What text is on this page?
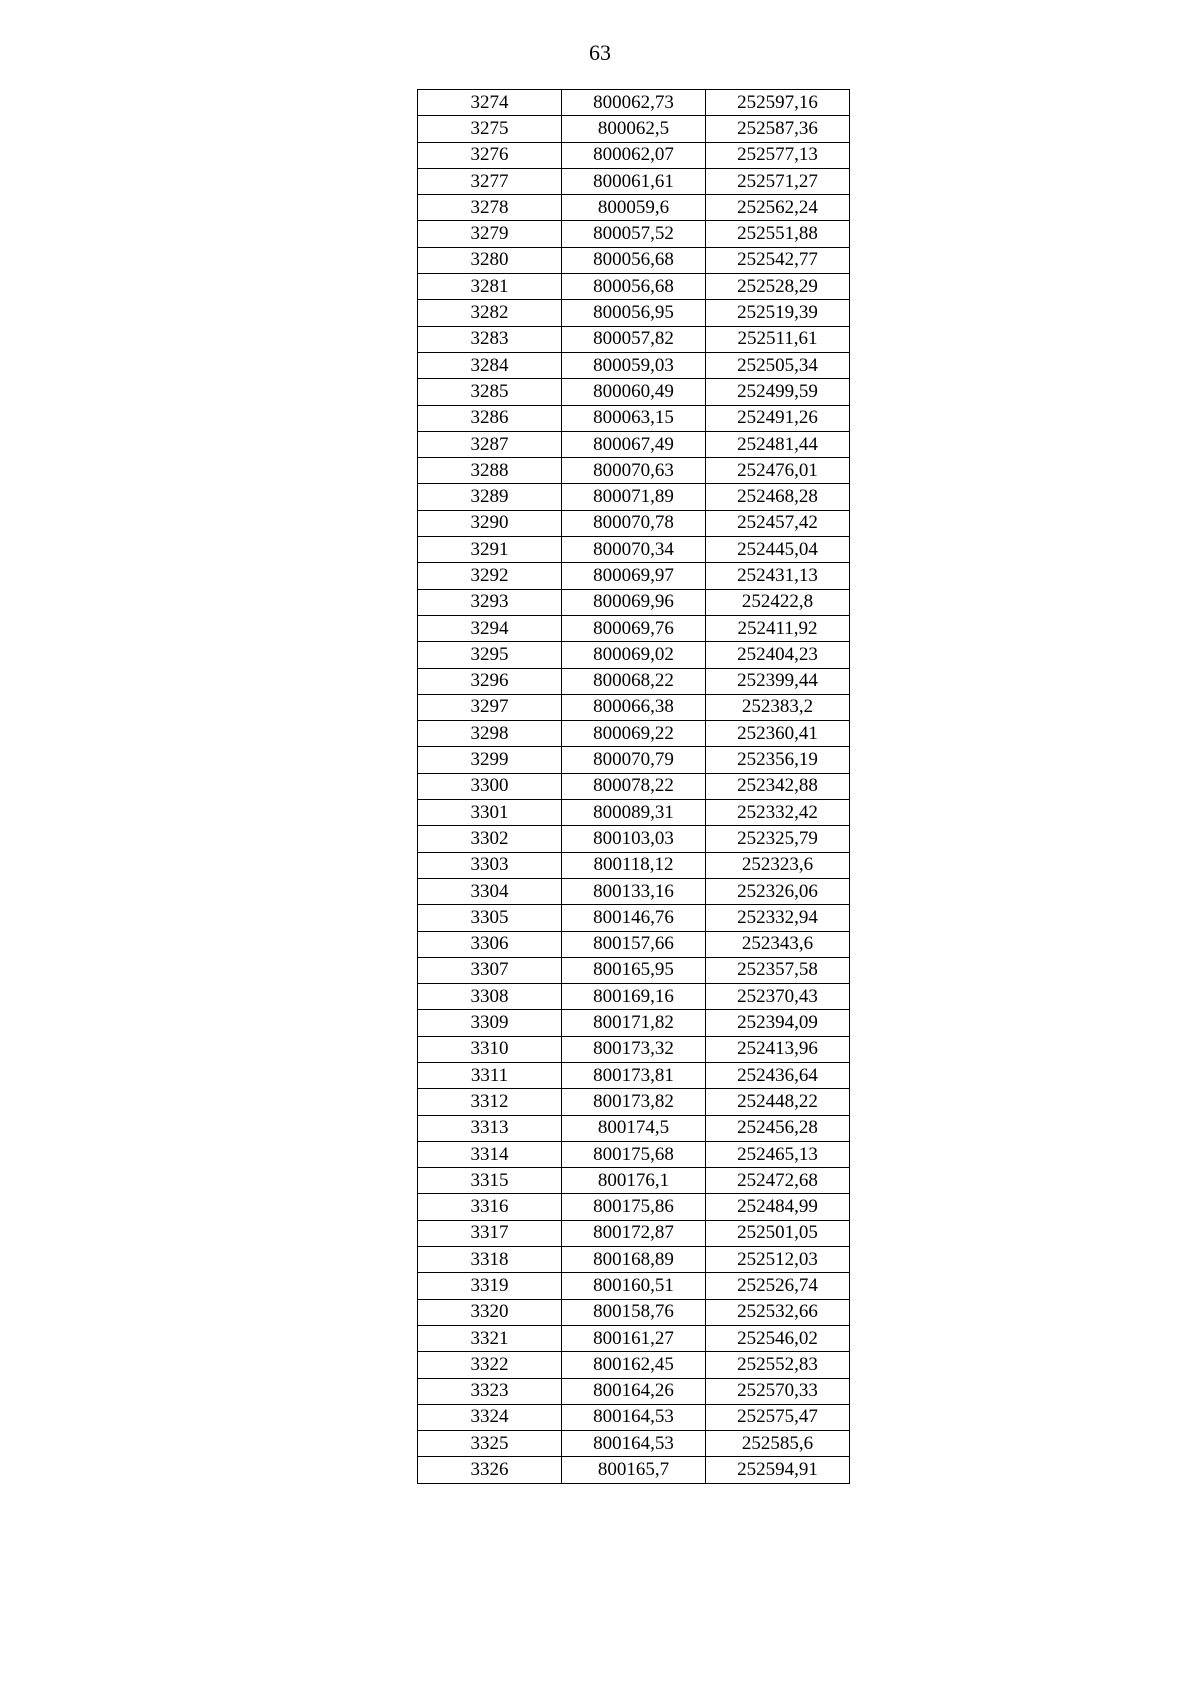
63
3274	800062,73	252597,16
3275	800062,5	252587,36
3276	800062,07	252577,13
3277	800061,61	252571,27
3278	800059,6	252562,24
3279	800057,52	252551,88
3280	800056,68	252542,77
3281	800056,68	252528,29
3282	800056,95	252519,39
3283	800057,82	252511,61
3284	800059,03	252505,34
3285	800060,49	252499,59
3286	800063,15	252491,26
3287	800067,49	252481,44
3288	800070,63	252476,01
3289	800071,89	252468,28
3290	800070,78	252457,42
3291	800070,34	252445,04
3292	800069,97	252431,13
3293	800069,96	252422,8
3294	800069,76	252411,92
3295	800069,02	252404,23
3296	800068,22	252399,44
3297	800066,38	252383,2
3298	800069,22	252360,41
3299	800070,79	252356,19
3300	800078,22	252342,88
3301	800089,31	252332,42
3302	800103,03	252325,79
3303	800118,12	252323,6
3304	800133,16	252326,06
3305	800146,76	252332,94
3306	800157,66	252343,6
3307	800165,95	252357,58
3308	800169,16	252370,43
3309	800171,82	252394,09
3310	800173,32	252413,96
3311	800173,81	252436,64
3312	800173,82	252448,22
3313	800174,5	252456,28
3314	800175,68	252465,13
3315	800176,1	252472,68
3316	800175,86	252484,99
3317	800172,87	252501,05
3318	800168,89	252512,03
3319	800160,51	252526,74
3320	800158,76	252532,66
3321	800161,27	252546,02
3322	800162,45	252552,83
3323	800164,26	252570,33
3324	800164,53	252575,47
3325	800164,53	252585,6
3326	800165,7	252594,91
